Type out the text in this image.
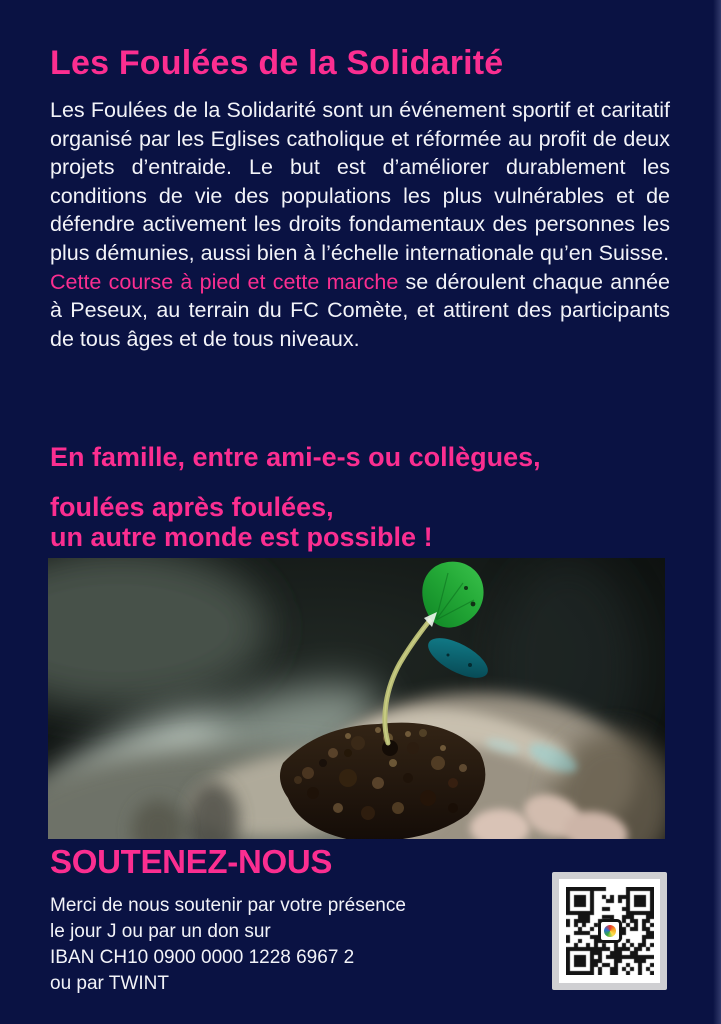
Les Foulées de la Solidarité

Les Foulées de la Solidarité sont un événement sportif et caritatif organisé par les Eglises catholique et réformée au profit de deux projets d’entraide. Le but est d’améliorer durablement les conditions de vie des populations les plus vulnérables et de défendre activement les droits fondamentaux des personnes les plus démunies, aussi bien à l’échelle internationale qu’en Suisse.

Cette course à pied et cette marche se déroulent chaque année à Peseux, au terrain du FC Comète, et attirent des participants de tous âges et de tous niveaux.

En famille, entre ami-e-s ou collègues,
foulées après foulées,
un autre monde est possible !
SOUTENEZ-NOUS
Merci de nous soutenir par votre présence
le jour J ou par un don sur
IBAN CH10 0900 0000 1228 6967 2
ou par TWINT
